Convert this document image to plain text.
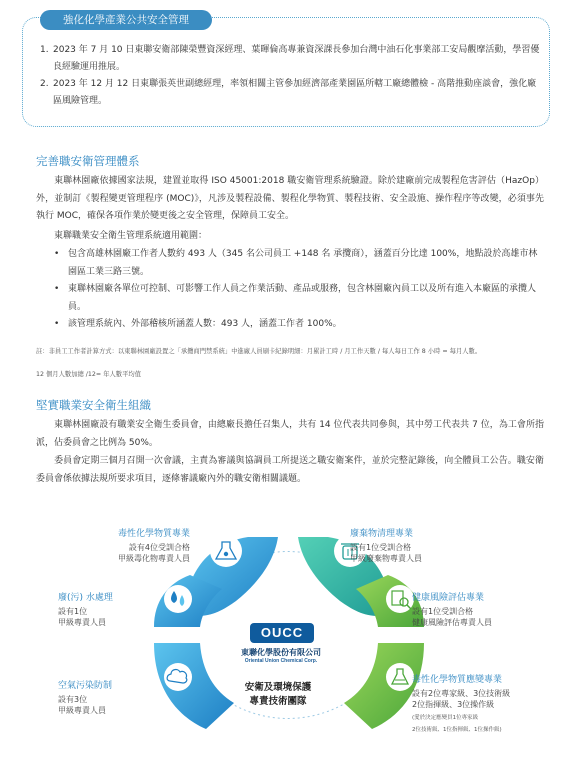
強化化學產業公共安全管理
1. 2023 年 7 月 10 日東聯安衛部陳榮豐資深經理、葉暉倫高專兼資深課長參加台灣中油石化事業部工安局觀摩活動，學習優良經驗運用推展。
2. 2023 年 12 月 12 日東聯張英世副總經理，率領相關主管參加經濟部產業園區所轄工廠總體檢 - 高階推動座談會，強化廠區風險管理。
完善職安衛管理體系
東聯林園廠依據國家法規，建置並取得 ISO 45001:2018 職安衛管理系統驗證。除於建廠前完成製程危害評估（HazOp）外，並制訂《製程變更管理程序 (MOC)》，凡涉及製程設備、製程化學物質、製程技術、安全設施、操作程序等改變，必須事先執行 MOC，確保各項作業於變更後之安全管理，保障員工安全。
東聯職業安全衛生管理系統適用範圍：
• 包含高雄林園廠工作者人數約 493 人（345 名公司員工 +148 名 承攬商），涵蓋百分比達 100%，地點設於高雄市林園區工業三路三號。
• 東聯林園廠各單位可控制、可影響工作人員之作業活動、產品或服務，包含林園廠內員工以及所有進入本廠區的承攬人員。
• 該管理系統內、外部稽核所涵蓋人數：493 人，涵蓋工作者 100%。
註：非員工工作者計算方式：以東聯林園廠設置之「承攬商門禁系統」中進廠人員刷卡紀錄明細：月累計工時 / 月工作天數 / 每人每日工作 8 小時 = 每月人數。
12 個月人數加總 /12= 年人數平均值
堅實職業安全衛生組織
東聯林園廠設有職業安全衛生委員會，由總廠長擔任召集人，共有 14 位代表共同參與，其中勞工代表共 7 位，為工會所指派，佔委員會之比例為 50%。
委員會定期三個月召開一次會議，主責為審議與協調員工所提送之職安衛案件，並於完整記錄後，向全體員工公告。職安衛委員會係依據法規所要求項目，逐條審議廠內外的職安衛相關議題。
毒性化學物質專業
設有4位受訓合格
甲級毒化物專責人員
廢棄物清理專業
設有1位受訓合格
甲級廢棄物專責人員
廢(污) 水處理
設有1位
甲級專責人員
健康風險評估專業
設有1位受訓合格
健康風險評估專責人員
空氣污染防制
設有3位
甲級專責人員
毒性化學物質應變專業
設有2位專家級、3位技術級
2位指揮級、3位操作級
(愛於決定應變員1位專家級
2位技術級、1位指揮級、1位操作級)
OUCC
東聯化學股份有限公司
Oriental Union Chemical Corp.
安衛及環境保護
專責技術團隊
